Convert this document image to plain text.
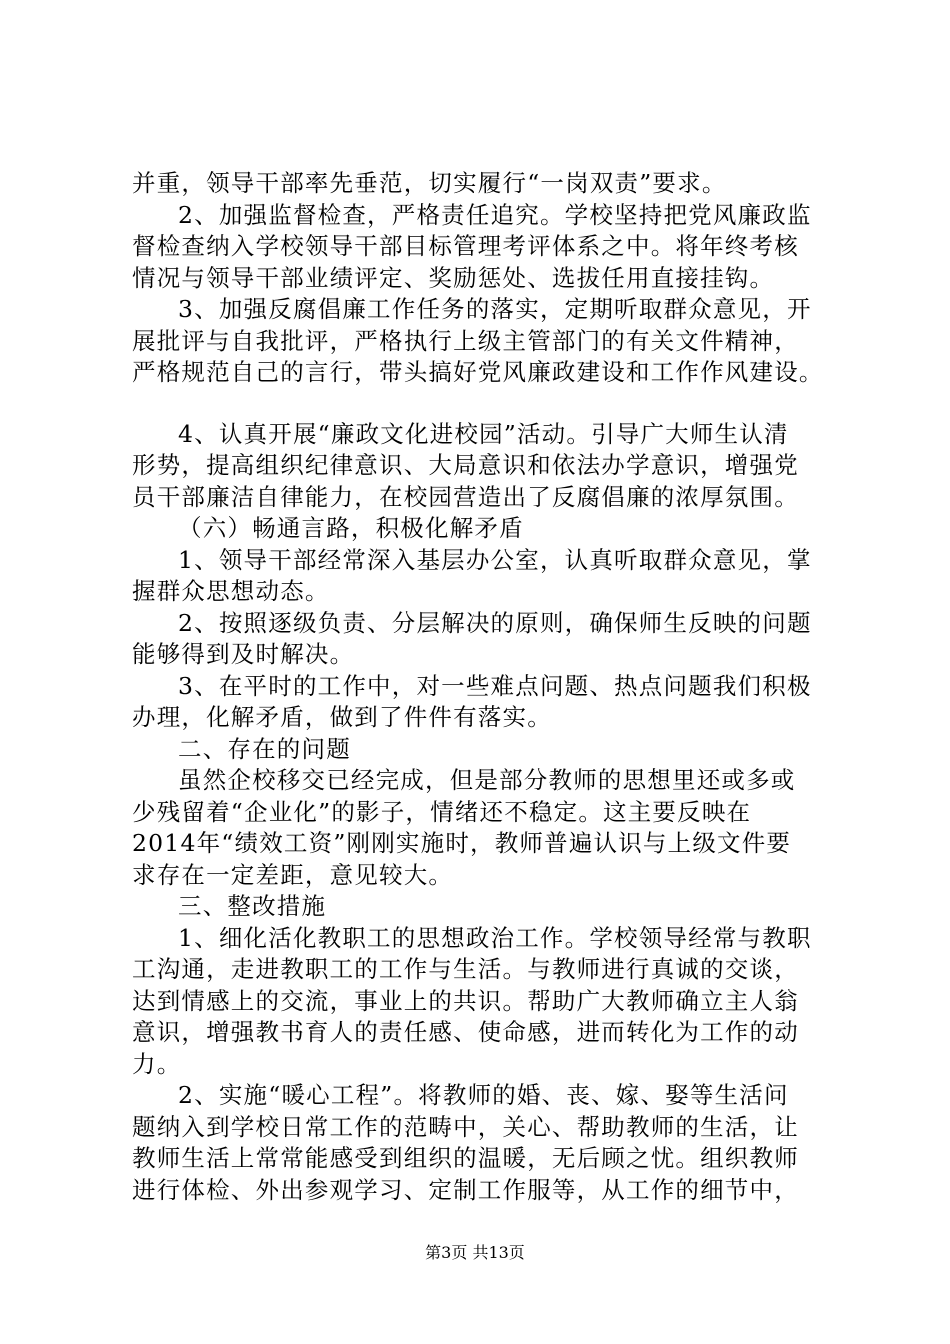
并重，领导干部率先垂范，切实履行“一岗双责”要求。
2、加强监督检查，严格责任追究。学校坚持把党风廉政监
督检查纳入学校领导干部目标管理考评体系之中。将年终考核
情况与领导干部业绩评定、奖励惩处、选拔任用直接挂钩。
3、加强反腐倡廉工作任务的落实，定期听取群众意见，开
展批评与自我批评，严格执行上级主管部门的有关文件精神，
严格规范自己的言行，带头搞好党风廉政建设和工作作风建设。
4、认真开展“廉政文化进校园”活动。引导广大师生认清
形势，提高组织纪律意识、大局意识和依法办学意识，增强党
员干部廉洁自律能力，在校园营造出了反腐倡廉的浓厚氛围。
（六）畅通言路，积极化解矛盾
1、领导干部经常深入基层办公室，认真听取群众意见，掌
握群众思想动态。
2、按照逐级负责、分层解决的原则，确保师生反映的问题
能够得到及时解决。
3、在平时的工作中，对一些难点问题、热点问题我们积极
办理，化解矛盾，做到了件件有落实。
二、存在的问题
虽然企校移交已经完成，但是部分教师的思想里还或多或
少残留着“企业化”的影子，情绪还不稳定。这主要反映在
2014年“绩效工资”刚刚实施时，教师普遍认识与上级文件要
求存在一定差距，意见较大。
三、整改措施
1、细化活化教职工的思想政治工作。学校领导经常与教职
工沟通，走进教职工的工作与生活。与教师进行真诚的交谈，
达到情感上的交流，事业上的共识。帮助广大教师确立主人翁
意识，增强教书育人的责任感、使命感，进而转化为工作的动
力。
2、实施“暖心工程”。将教师的婚、丧、嫁、娶等生活问
题纳入到学校日常工作的范畴中，关心、帮助教师的生活，让
教师生活上常常能感受到组织的温暖，无后顾之忧。组织教师
进行体检、外出参观学习、定制工作服等，从工作的细节中，
第3页 共13页
